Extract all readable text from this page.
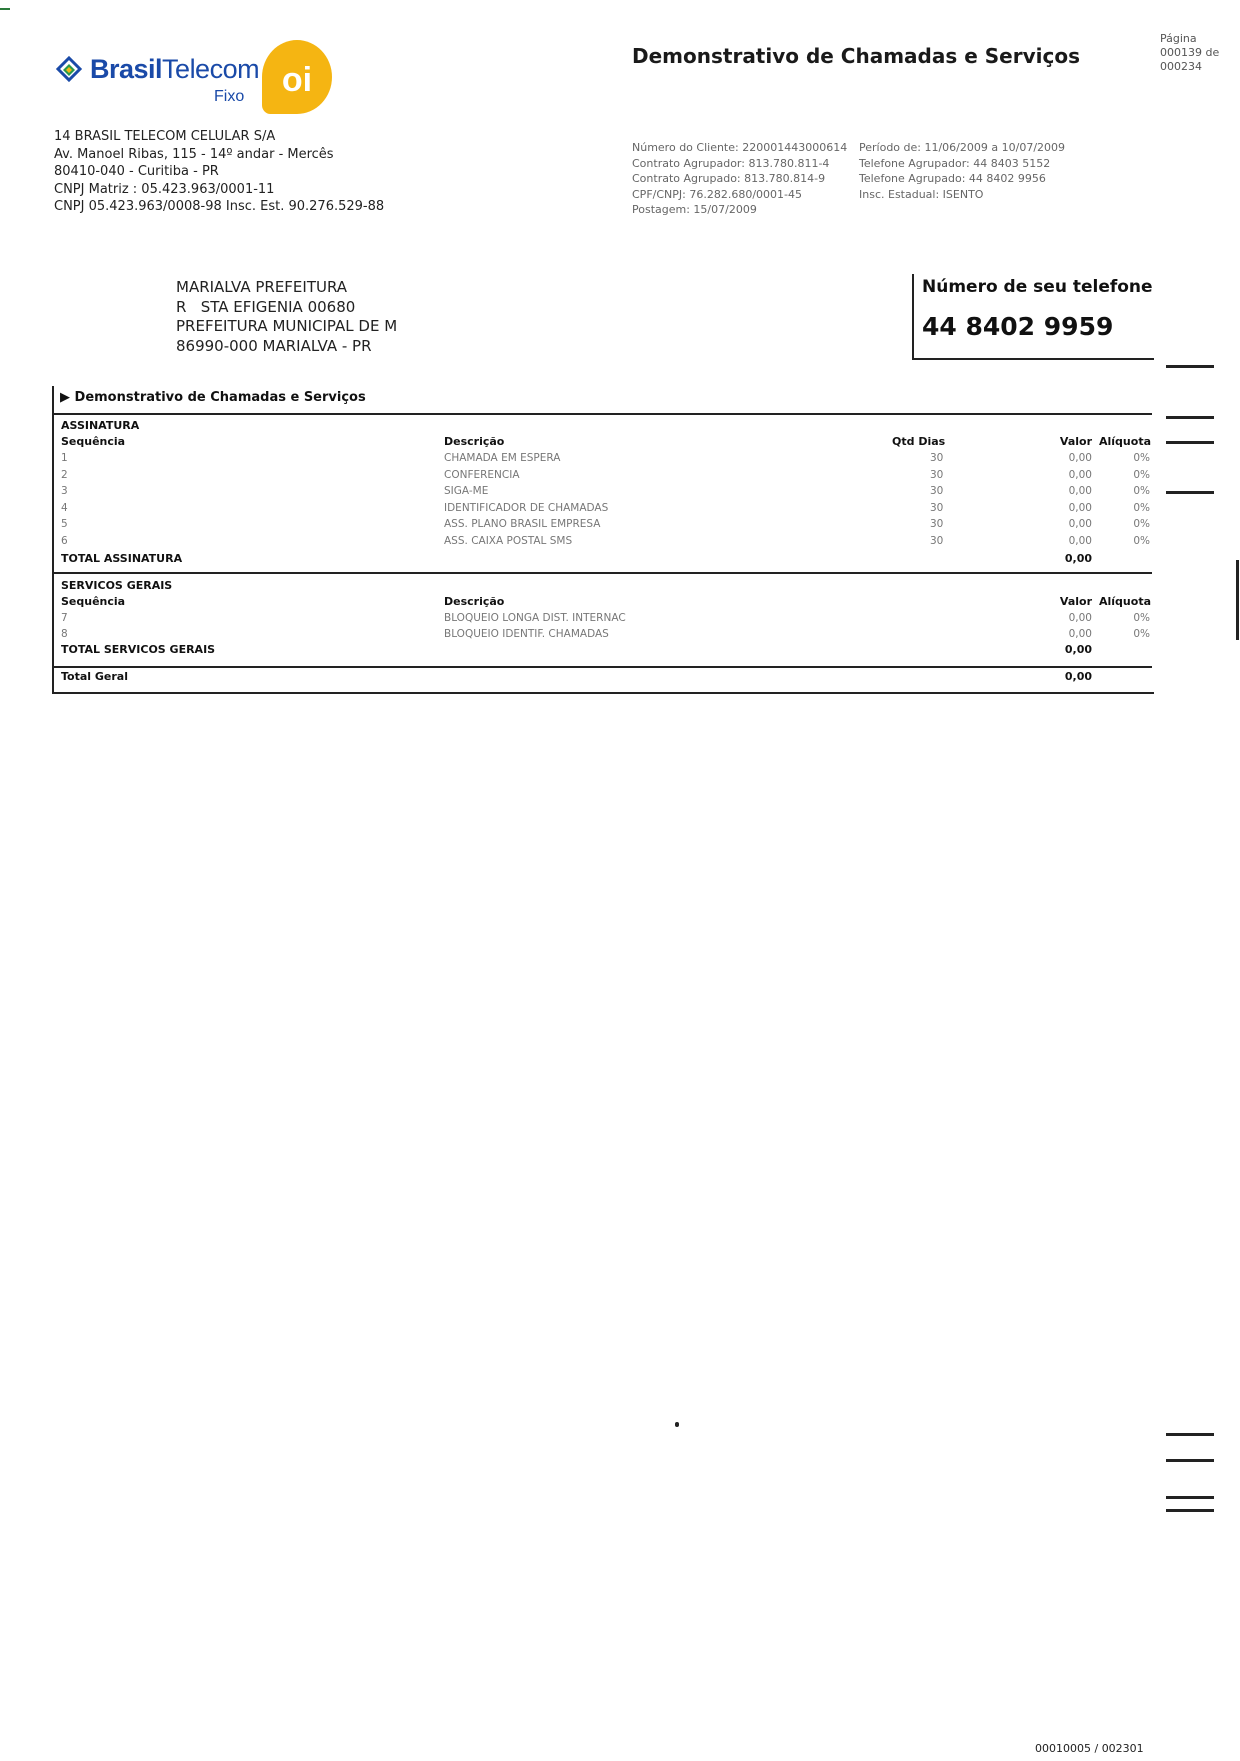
BrasilTelecom
Fixo	oi
14 BRASIL TELECOM CELULAR S/A
Av. Manoel Ribas, 115 - 14º andar - Mercês
80410-040 - Curitiba - PR
CNPJ Matriz : 05.423.963/0001-11
CNPJ 05.423.963/0008-98 Insc. Est. 90.276.529-88
Demonstrativo de Chamadas e Serviços
Página
000139 de
000234
Número do Cliente: 220001443000614
Contrato Agrupador: 813.780.811-4
Contrato Agrupado: 813.780.814-9
CPF/CNPJ: 76.282.680/0001-45
Postagem: 15/07/2009
Período de: 11/06/2009 a 10/07/2009
Telefone Agrupador: 44 8403 5152
Telefone Agrupado: 44 8402 9956
Insc. Estadual: ISENTO
MARIALVA PREFEITURA
R   STA EFIGENIA 00680
PREFEITURA MUNICIPAL DE M
86990-000 MARIALVA - PR
Número de seu telefone
44 8402 9959
▶ Demonstrativo de Chamadas e Serviços
ASSINATURA
Sequência	Descrição	Qtd Dias	Valor Alíquota
1	CHAMADA EM ESPERA	30	0,00	0%
2	CONFERENCIA	30	0,00	0%
3	SIGA-ME	30	0,00	0%
4	IDENTIFICADOR DE CHAMADAS	30	0,00	0%
5	ASS. PLANO BRASIL EMPRESA	30	0,00	0%
6	ASS. CAIXA POSTAL SMS	30	0,00	0%
TOTAL ASSINATURA	0,00
SERVICOS GERAIS
Sequência	Descrição	Valor Alíquota
7	BLOQUEIO LONGA DIST. INTERNAC	0,00	0%
8	BLOQUEIO IDENTIF. CHAMADAS	0,00	0%
TOTAL SERVICOS GERAIS	0,00
Total Geral	0,00
00010005 / 002301
